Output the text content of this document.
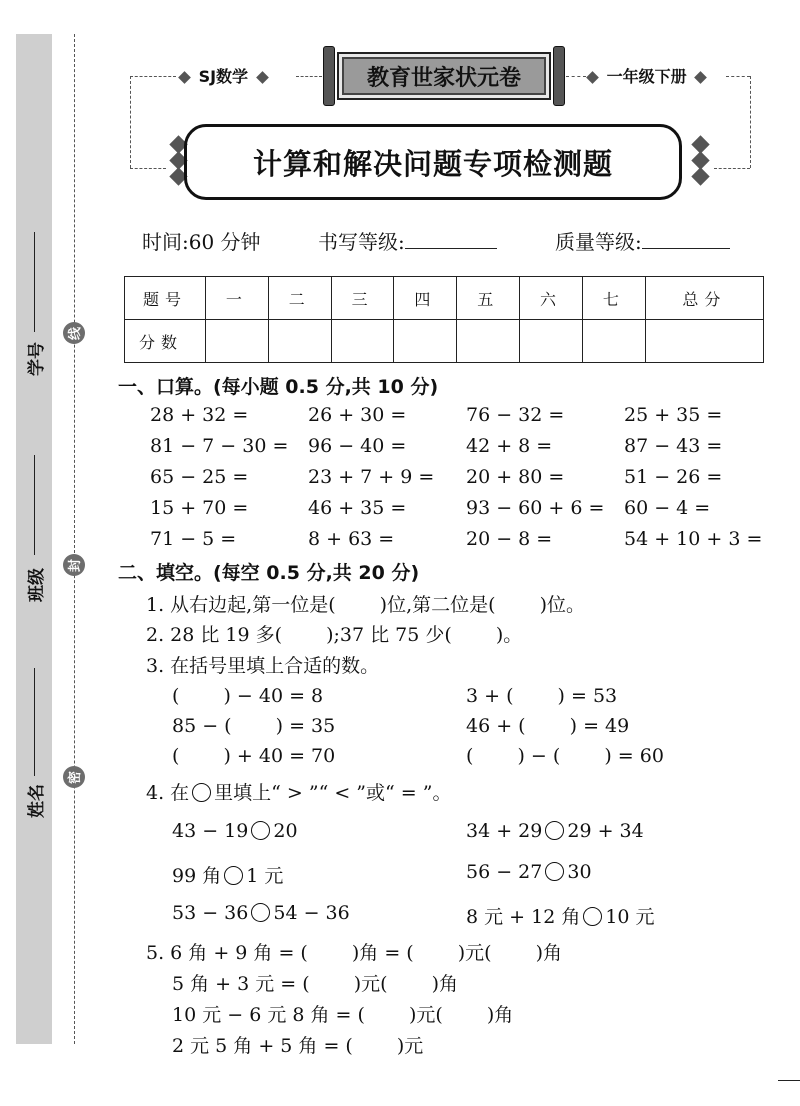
学号
班级
姓名
线
封
密
SJ数学	教育世家状元卷	一年级下册
计算和解决问题专项检测题
时间:60 分钟	书写等级:	质量等级:
题号	一	二	三	四	五	六	七	总分
分数								
一、口算。(每小题 0.5 分,共 10 分)
28 + 32 =	26 + 30 =	76 − 32 =	25 + 35 =
81 − 7 − 30 = 96 − 40 =	42 + 8 =	87 − 43 =
65 − 25 =	23 + 7 + 9 = 20 + 80 =	51 − 26 =
15 + 70 =	46 + 35 =	93 − 60 + 6 = 60 − 4 =
71 − 5 =	8 + 63 =	20 − 8 =	54 + 10 + 3 =
二、填空。(每空 0.5 分,共 20 分)
1. 从右边起,第一位是(　　 )位,第二位是(　　 )位。
2. 28 比 19 多(　　 );37 比 75 少(　　 )。
3. 在括号里填上合适的数。
(　　 ) − 40 = 8	3 + (　　 ) = 53
85 − (　　 ) = 35	46 + (　　 ) = 49
(　　 ) + 40 = 70	(　　 ) − (　　 ) = 60
4. 在 里填上“ > ”“ < ”或“ = ”。
43 − 19 20	34 + 29 29 + 34
99 角 1 元	56 − 27 30
53 − 36 54 − 36	8 元 + 12 角 10 元
5. 6 角 + 9 角 = (　　 )角 = (　　 )元(　　 )角
5 角 + 3 元 = (　　 )元(　　 )角
10 元 − 6 元 8 角 = (　　 )元(　　 )角
2 元 5 角 + 5 角 = (　　 )元
